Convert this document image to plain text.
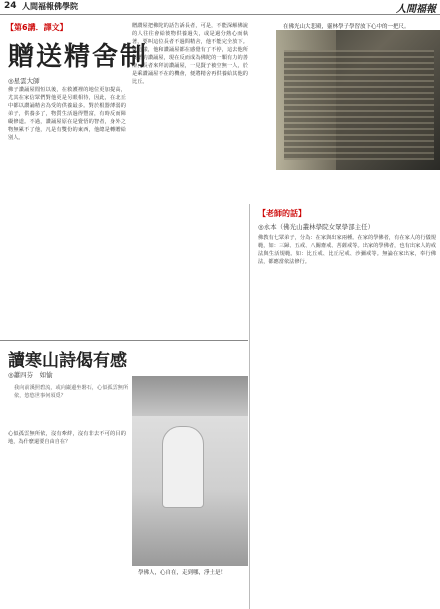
24 人間福報佛學院	人間福報
【第6講．譯文】
贈送精舍制
◎星雲大師
佛子讚誦屋閒恒以後，在救護裡的地位更加提高，尤其在家信眾們對他更是另眼相待，因此，在北丘中都以讚誦精舍為受的供養最多。對於根器薄弱的弟子，供養多了，物質生活過得豐富，有時反而障礙修道。不過，讚誦屋原在是覺悟的智者，身外之物無累不了他，凡是有雙份的東西，他總是轉贈給別人。
贈讚屋把佛陀的話告訴長者，可是，不能深解佛說的人往往會給彼物供養過失，或是過分熱心而執著，要叫這位長者不過問精舍，他不能完全放下。就這樣，他和讚誦屋都在感覺有了不停，這去他所獲贈的讚誦屋，現在反而成為佛陀的一顆有力的善辯，長者來拜訪讚誦屋，一見賢子被空無一人，於是乘讚誦屋不在的機會，便將精舍再供養給其他的比丘。
在佛光山大悲殿，靈林學子學習放下心中的一把尺。
【老師的話】
◎永本（佛光山叢林學院女眾學部主任）
佛教有七眾弟子，分為：在家與出家兩種。在家的學佛者，有在家人的行儀規範，如：三歸、五戒、八關齋戒、菩薩戒等。出家的學佛者，也有出家人的戒法與生活規範。如：比丘戒、比丘尼戒、沙彌戒等。無論在家出家，奉行佛法，都應當依法修行。
讀寒山詩偈有感
◎蕭四芬　如愉
我向前溪照碧流，或向巖邊坐磐石，心似孤雲無所依，悠悠世事何須覓？
心似孤雲無所依，沒有牽絆，沒有非去不可的目的地，為什麼還要自由自在？
學佛人，心自在，走到哪，淨土是！
